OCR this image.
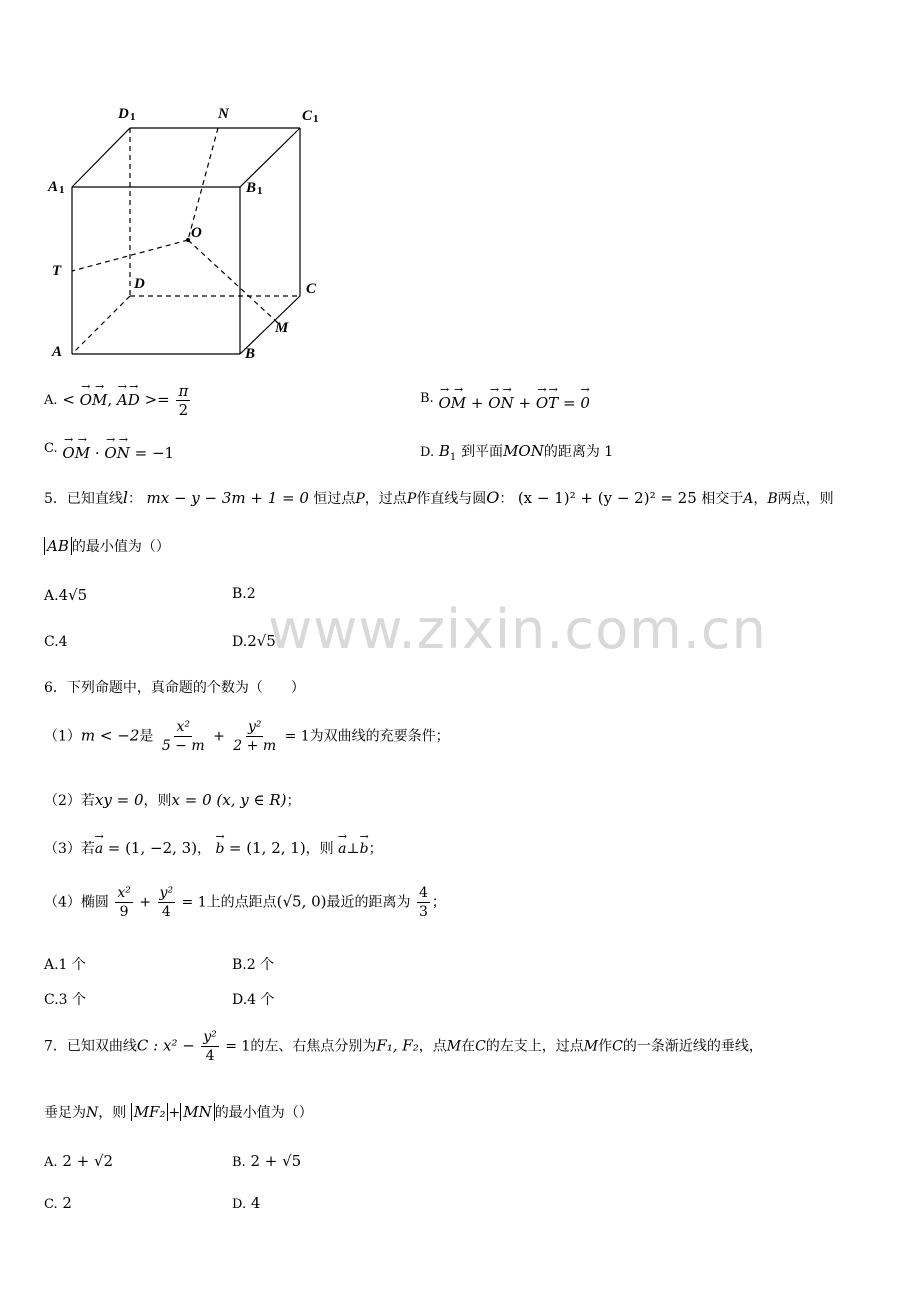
D 1	N	C 1
A 1	B 1
O
T
D	C
M
A	B
A. < → O→ M, → $A\to D >= \frac{\pi}{2}$	B. → O→ M + → O→ N + → O→ T = → 0
C. → O→ M · → O→ N = −1	D. $B_1$ 到平面MON的距离为 1
5．已知直线l： mx − y − 3m + 1 = 0 恒过点P，过点P作直线与圆O： (x − 1)² + (y − 2)² = 25 相交于A，B两点，则
AB 的最小值为（）
A.4√5	B.2
C.4	D.2√5
www.zixin.com.cn
6．下列命题中，真命题的个数为（　　）
（1）m < −2是 $\frac{\text{x²}}{5 - m} + \frac{\text{y²}}{2 + m} = 1$为双曲线的充要条件；
（2）若xy = 0，则x = 0 (x, y ∈ R)；
（3）若→ a = (1, −2, 3)， → b = (1, 2, 1)，则 → a⊥→ b；
（4）椭圆 $\frac{\text{x²}}{9} + \frac{\text{y²}}{4} = 1$上的点距点(√5, 0)最近的距离为 $\frac{4}{3}$ ；
A.1 个	B.2 个
C.3 个	D.4 个
7．已知双曲线C : $x^2 - \frac{\text{y²}}{4} = 1$的左、右焦点分别为F₁, F₂，点M在C的左支上，过点M作C的一条渐近线的垂线，
垂足为N，则 MF₂ + MN 的最小值为（）
A. 2 + √2	B. 2 + √5
C. 2	D. 4
